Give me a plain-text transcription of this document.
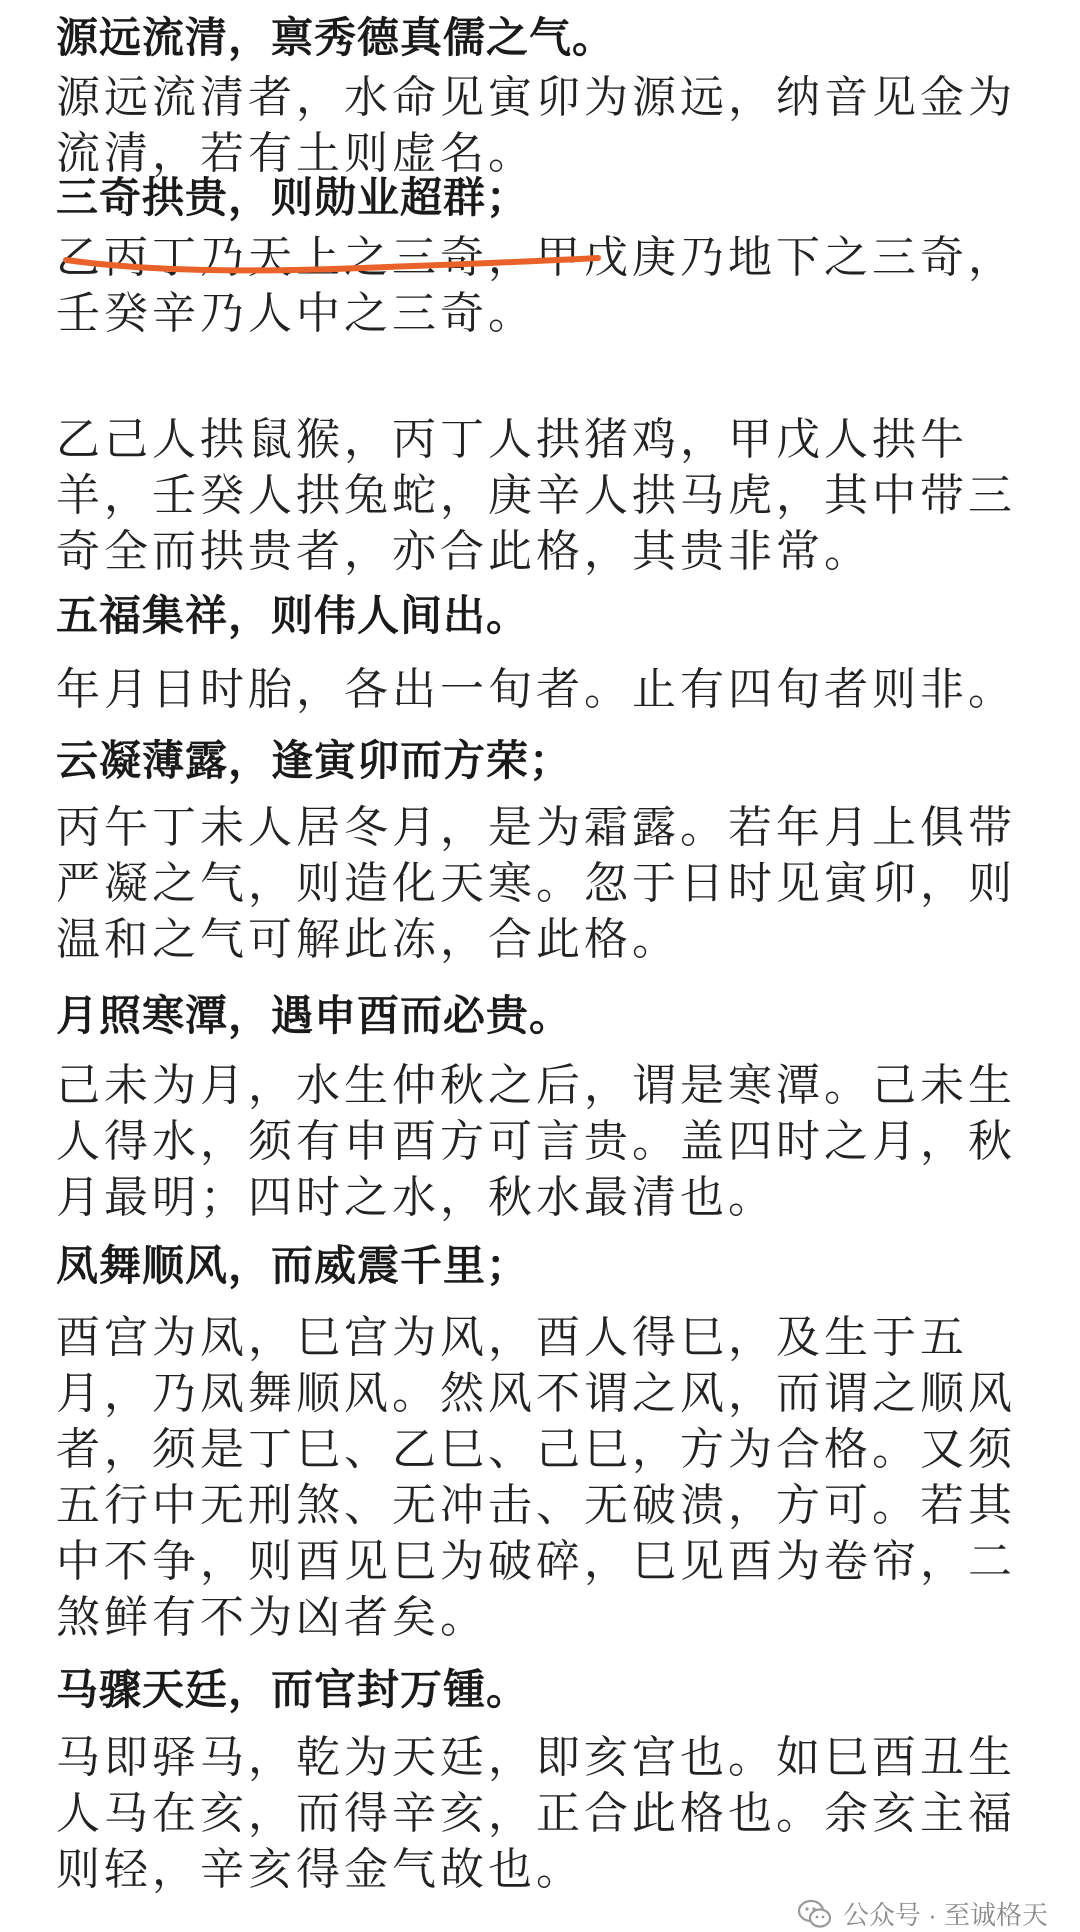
源远流清，禀秀德真儒之气。
源远流清者，水命见寅卯为源远，纳音见金为流清，若有土则虚名。
三奇拱贵，则勋业超群；
乙丙丁乃天上之三奇，甲戊庚乃地下之三奇，壬癸辛乃人中之三奇。
乙己人拱鼠猴，丙丁人拱猪鸡，甲戊人拱牛羊，壬癸人拱兔蛇，庚辛人拱马虎，其中带三奇全而拱贵者，亦合此格，其贵非常。
五福集祥，则伟人间出。
年月日时胎，各出一旬者。止有四旬者则非。
云凝薄露，逢寅卯而方荣；
丙午丁未人居冬月，是为霜露。若年月上俱带严凝之气，则造化天寒。忽于日时见寅卯，则温和之气可解此冻，合此格。
月照寒潭，遇申酉而必贵。
己未为月，水生仲秋之后，谓是寒潭。己未生人得水，须有申酉方可言贵。盖四时之月，秋月最明；四时之水，秋水最清也。
凤舞顺风，而威震千里；
酉宫为凤，巳宫为风，酉人得巳，及生于五月，乃凤舞顺风。然风不谓之风，而谓之顺风者，须是丁巳、乙巳、己巳，方为合格。又须五行中无刑煞、无冲击、无破溃，方可。若其中不争，则酉见巳为破碎，巳见酉为卷帘，二煞鲜有不为凶者矣。
马骤天廷，而官封万锺。
马即驿马，乾为天廷，即亥宫也。如巳酉丑生人马在亥，而得辛亥，正合此格也。余亥主福则轻，辛亥得金气故也。
公众号 · 至诚格天
